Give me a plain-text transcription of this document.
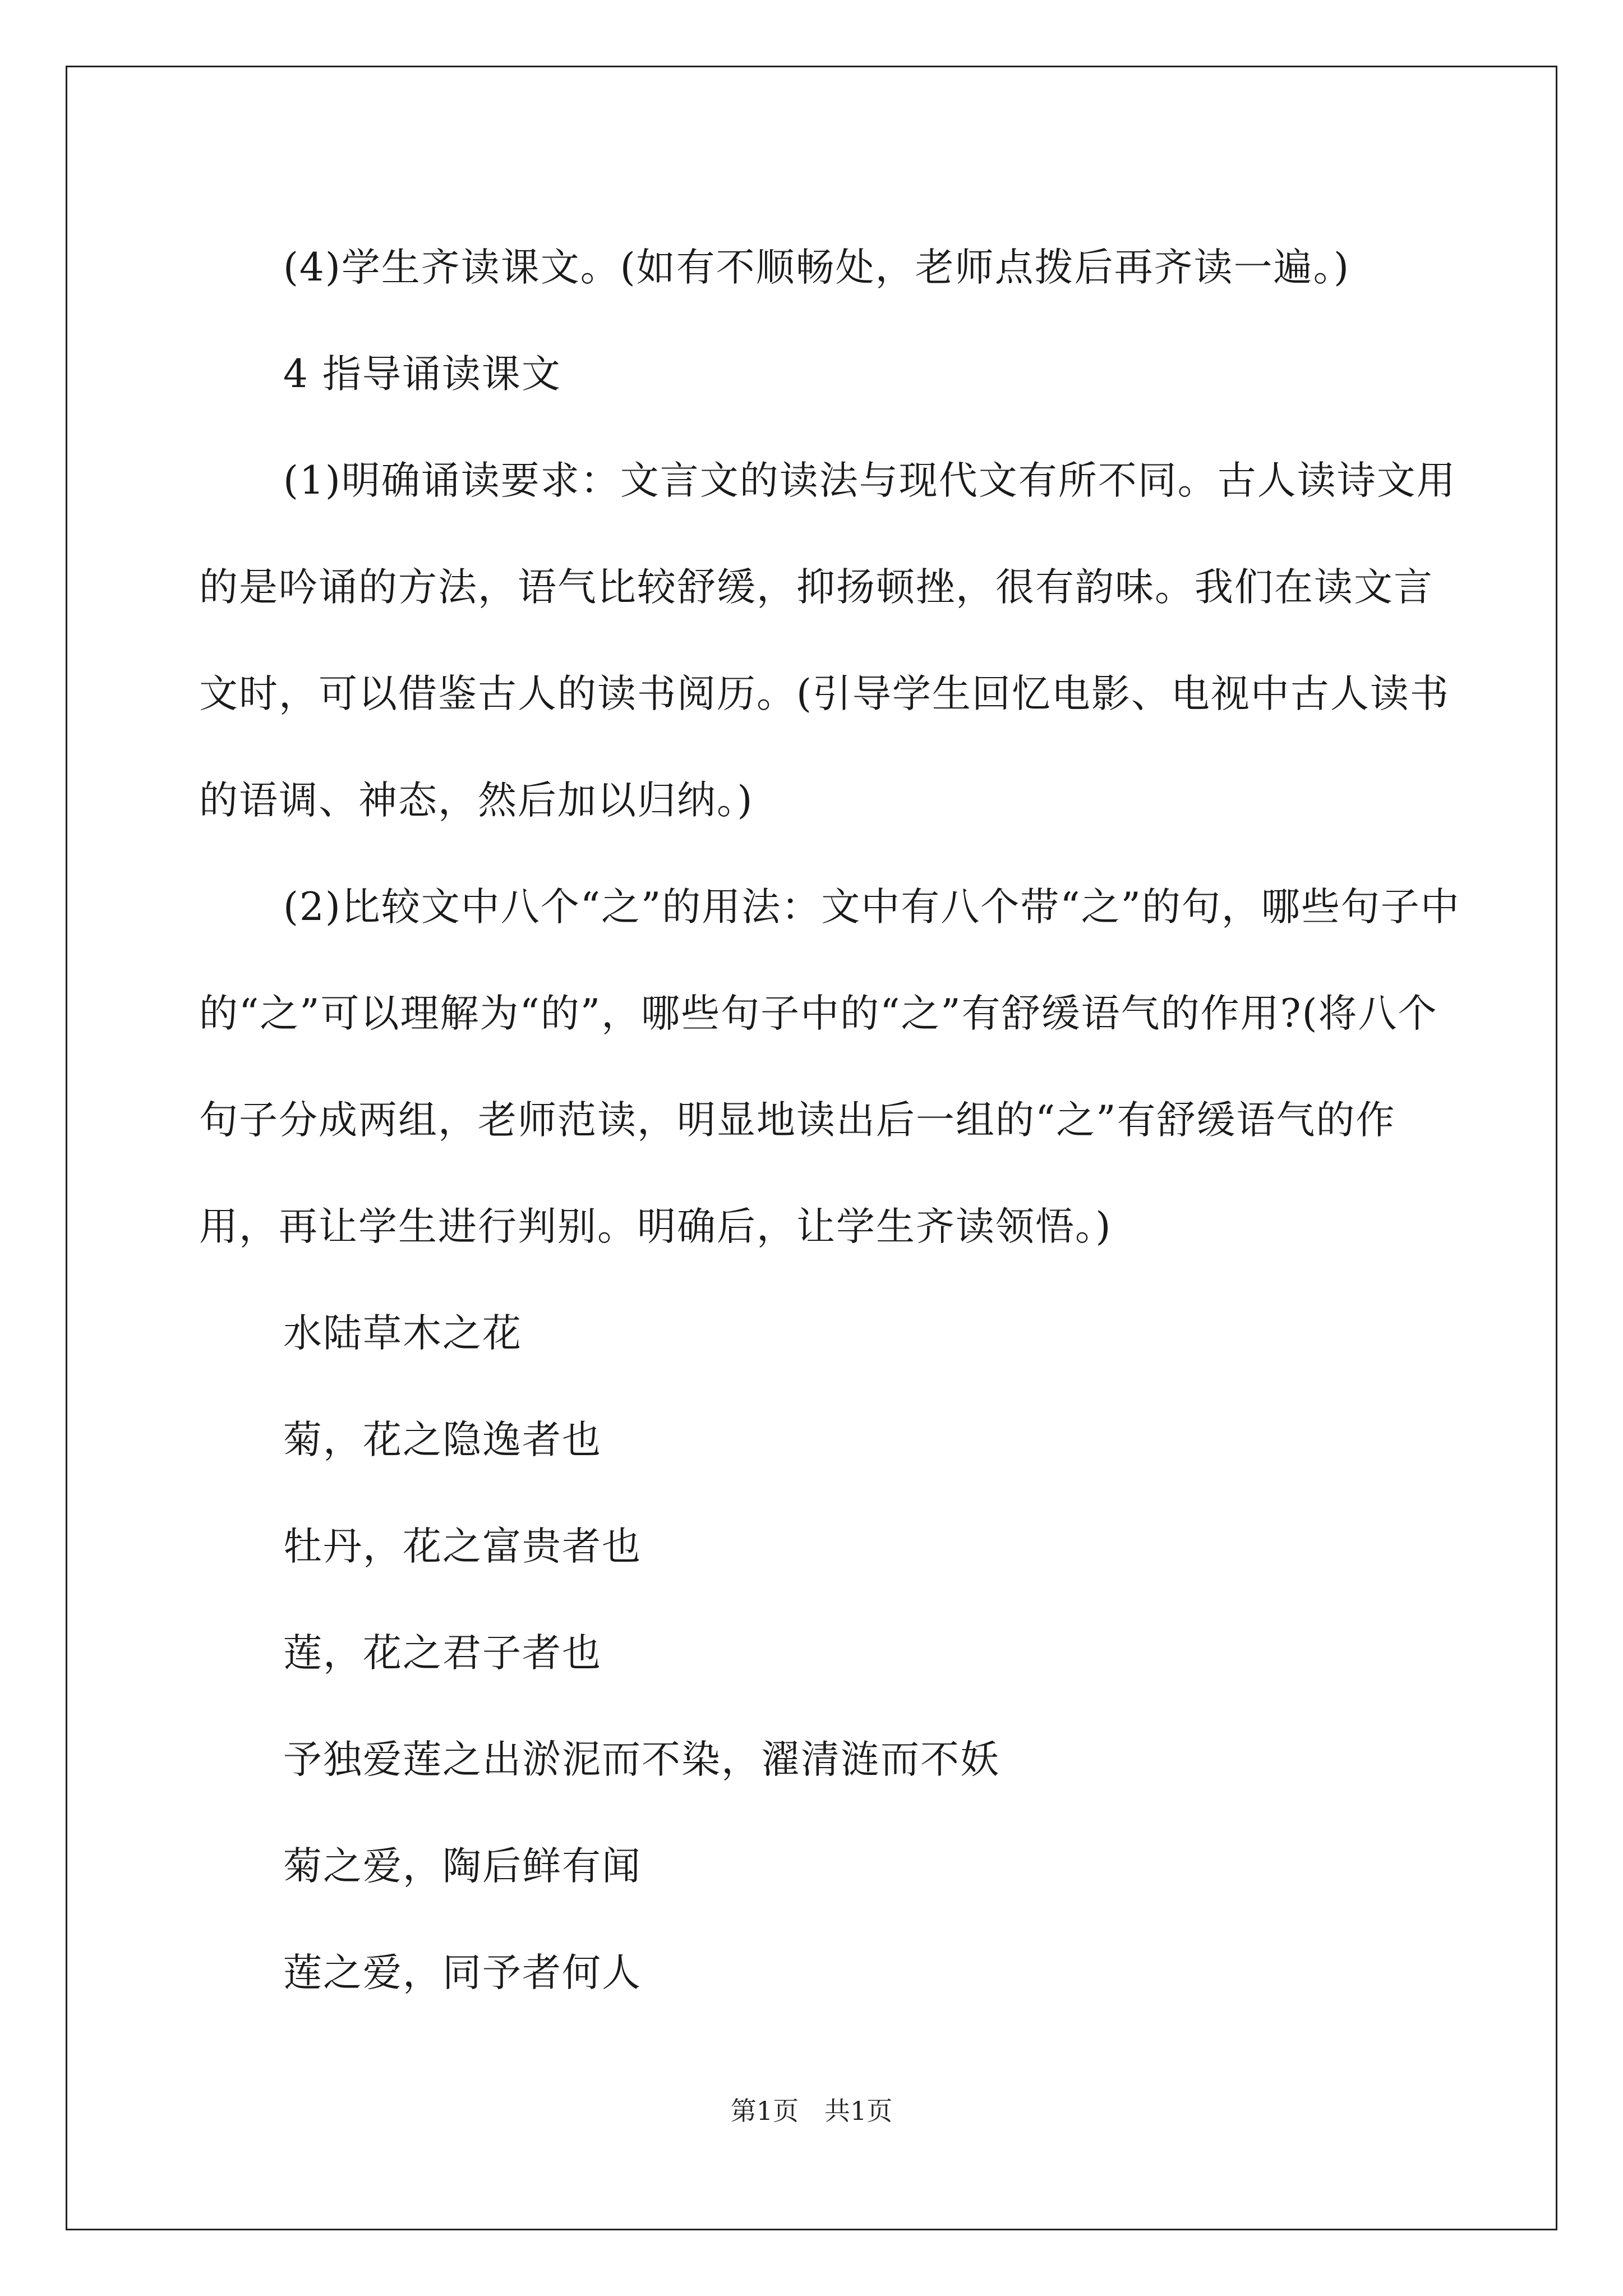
(4)学生齐读课文。(如有不顺畅处，老师点拨后再齐读一遍。)

4 指导诵读课文

(1)明确诵读要求：文言文的读法与现代文有所不同。古人读诗文用的是吟诵的方法，语气比较舒缓，抑扬顿挫，很有韵味。我们在读文言文时，可以借鉴古人的读书阅历。(引导学生回忆电影、电视中古人读书的语调、神态，然后加以归纳。)

(2)比较文中八个“之”的用法：文中有八个带“之”的句，哪些句子中的“之”可以理解为“的”，哪些句子中的“之”有舒缓语气的作用?(将八个句子分成两组，老师范读，明显地读出后一组的“之”有舒缓语气的作用，再让学生进行判别。明确后，让学生齐读领悟。)

水陆草木之花

菊，花之隐逸者也

牡丹，花之富贵者也

莲，花之君子者也

予独爱莲之出淤泥而不染，濯清涟而不妖

菊之爱，陶后鲜有闻

莲之爱，同予者何人

第1页　共1页
